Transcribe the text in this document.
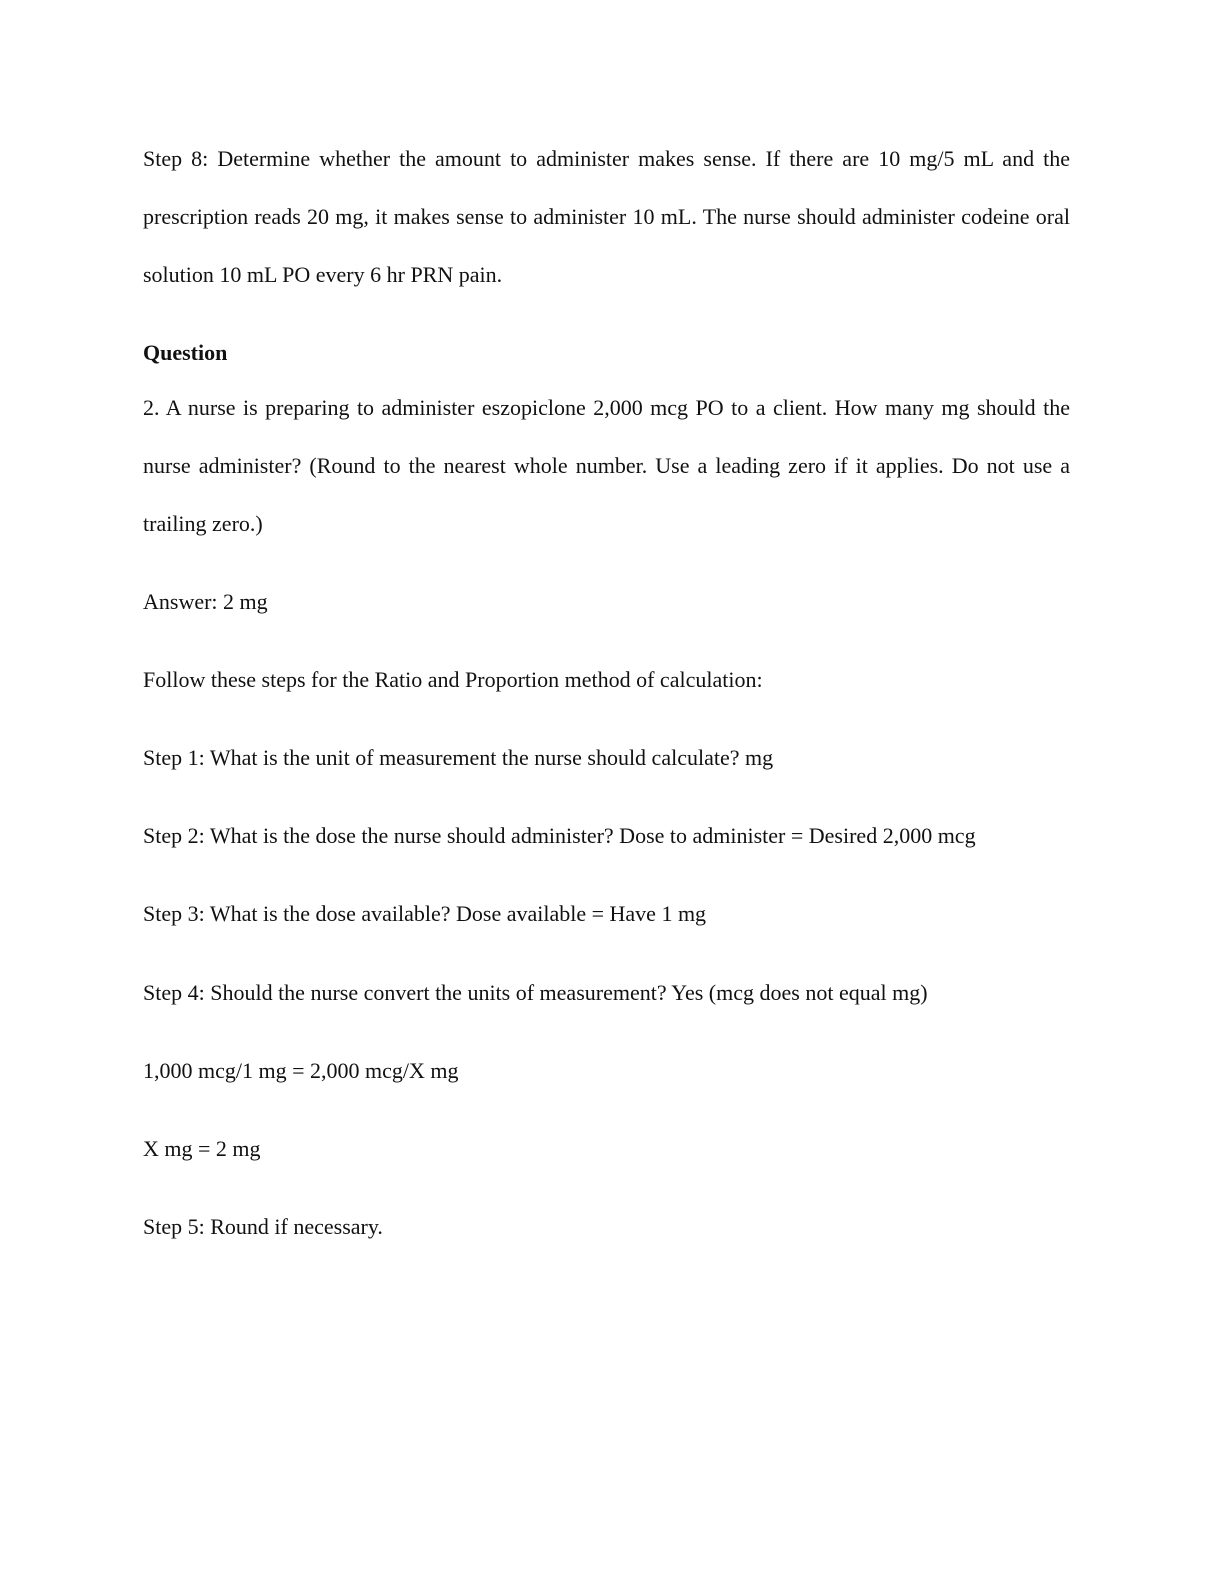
Step 8: Determine whether the amount to administer makes sense. If there are 10 mg/5 mL and the prescription reads 20 mg, it makes sense to administer 10 mL. The nurse should administer codeine oral solution 10 mL PO every 6 hr PRN pain.

Question

2. A nurse is preparing to administer eszopiclone 2,000 mcg PO to a client. How many mg should the nurse administer? (Round to the nearest whole number. Use a leading zero if it applies. Do not use a trailing zero.)

Answer: 2 mg

Follow these steps for the Ratio and Proportion method of calculation:

Step 1: What is the unit of measurement the nurse should calculate? mg

Step 2: What is the dose the nurse should administer? Dose to administer = Desired 2,000 mcg

Step 3: What is the dose available? Dose available = Have 1 mg

Step 4: Should the nurse convert the units of measurement? Yes (mcg does not equal mg)

1,000 mcg/1 mg = 2,000 mcg/X mg

X mg = 2 mg

Step 5: Round if necessary.
